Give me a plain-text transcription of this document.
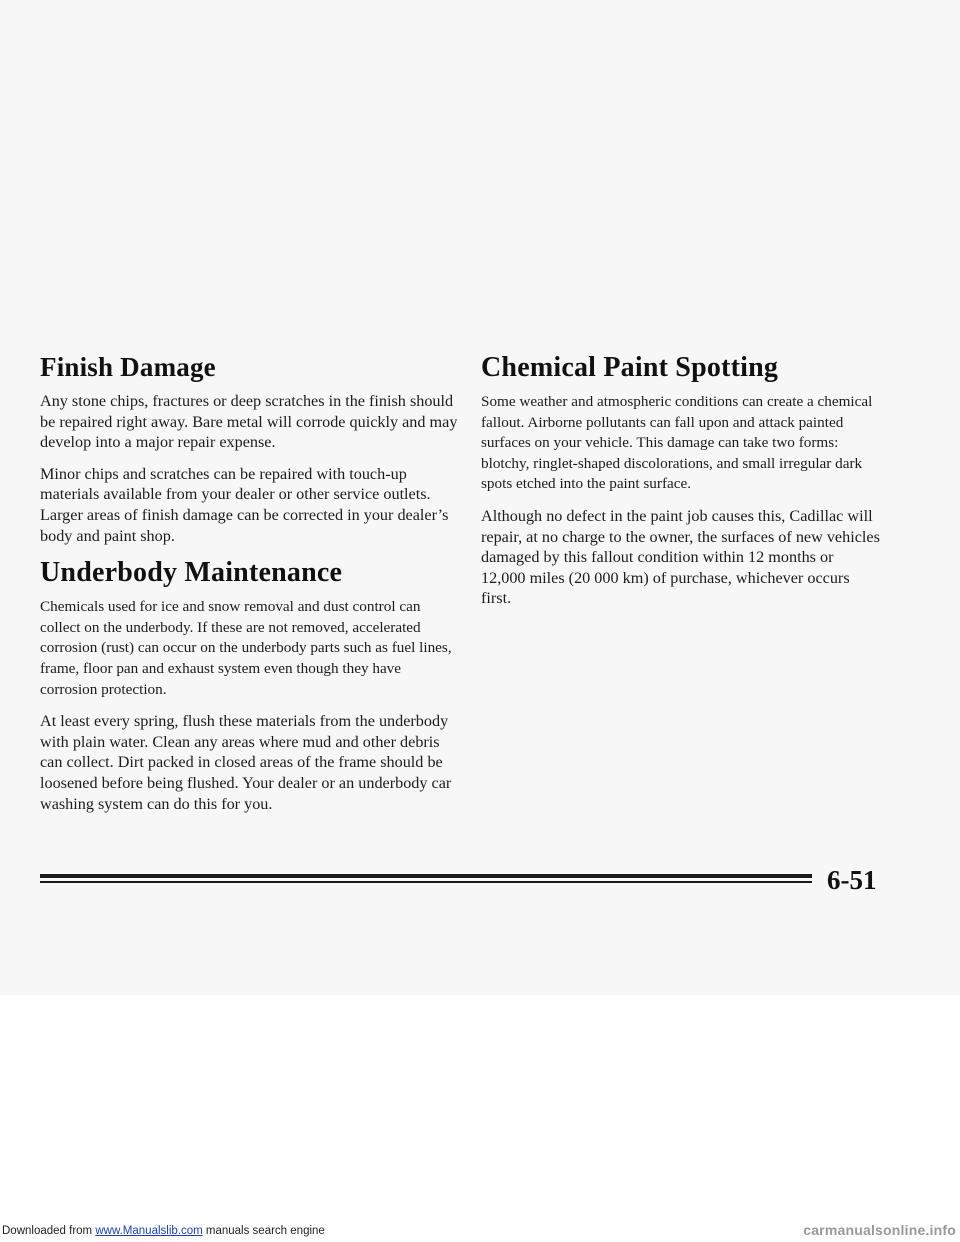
Finish Damage

Any stone chips, fractures or deep scratches in the finish should be repaired right away. Bare metal will corrode quickly and may develop into a major repair expense.

Minor chips and scratches can be repaired with touch-up materials available from your dealer or other service outlets. Larger areas of finish damage can be corrected in your dealer’s body and paint shop.

Underbody Maintenance

Chemicals used for ice and snow removal and dust control can collect on the underbody. If these are not removed, accelerated corrosion (rust) can occur on the underbody parts such as fuel lines, frame, floor pan and exhaust system even though they have corrosion protection.

At least every spring, flush these materials from the underbody with plain water. Clean any areas where mud and other debris can collect. Dirt packed in closed areas of the frame should be loosened before being flushed. Your dealer or an underbody car washing system can do this for you.

Chemical Paint Spotting

Some weather and atmospheric conditions can create a chemical fallout. Airborne pollutants can fall upon and attack painted surfaces on your vehicle. This damage can take two forms: blotchy, ringlet-shaped discolorations, and small irregular dark spots etched into the paint surface.

Although no defect in the paint job causes this, Cadillac will repair, at no charge to the owner, the surfaces of new vehicles damaged by this fallout condition within 12 months or 12,000 miles (20 000 km) of purchase, whichever occurs first.

6-51
Downloaded from www.Manualslib.com manuals search engine	carmanualsonline.info
